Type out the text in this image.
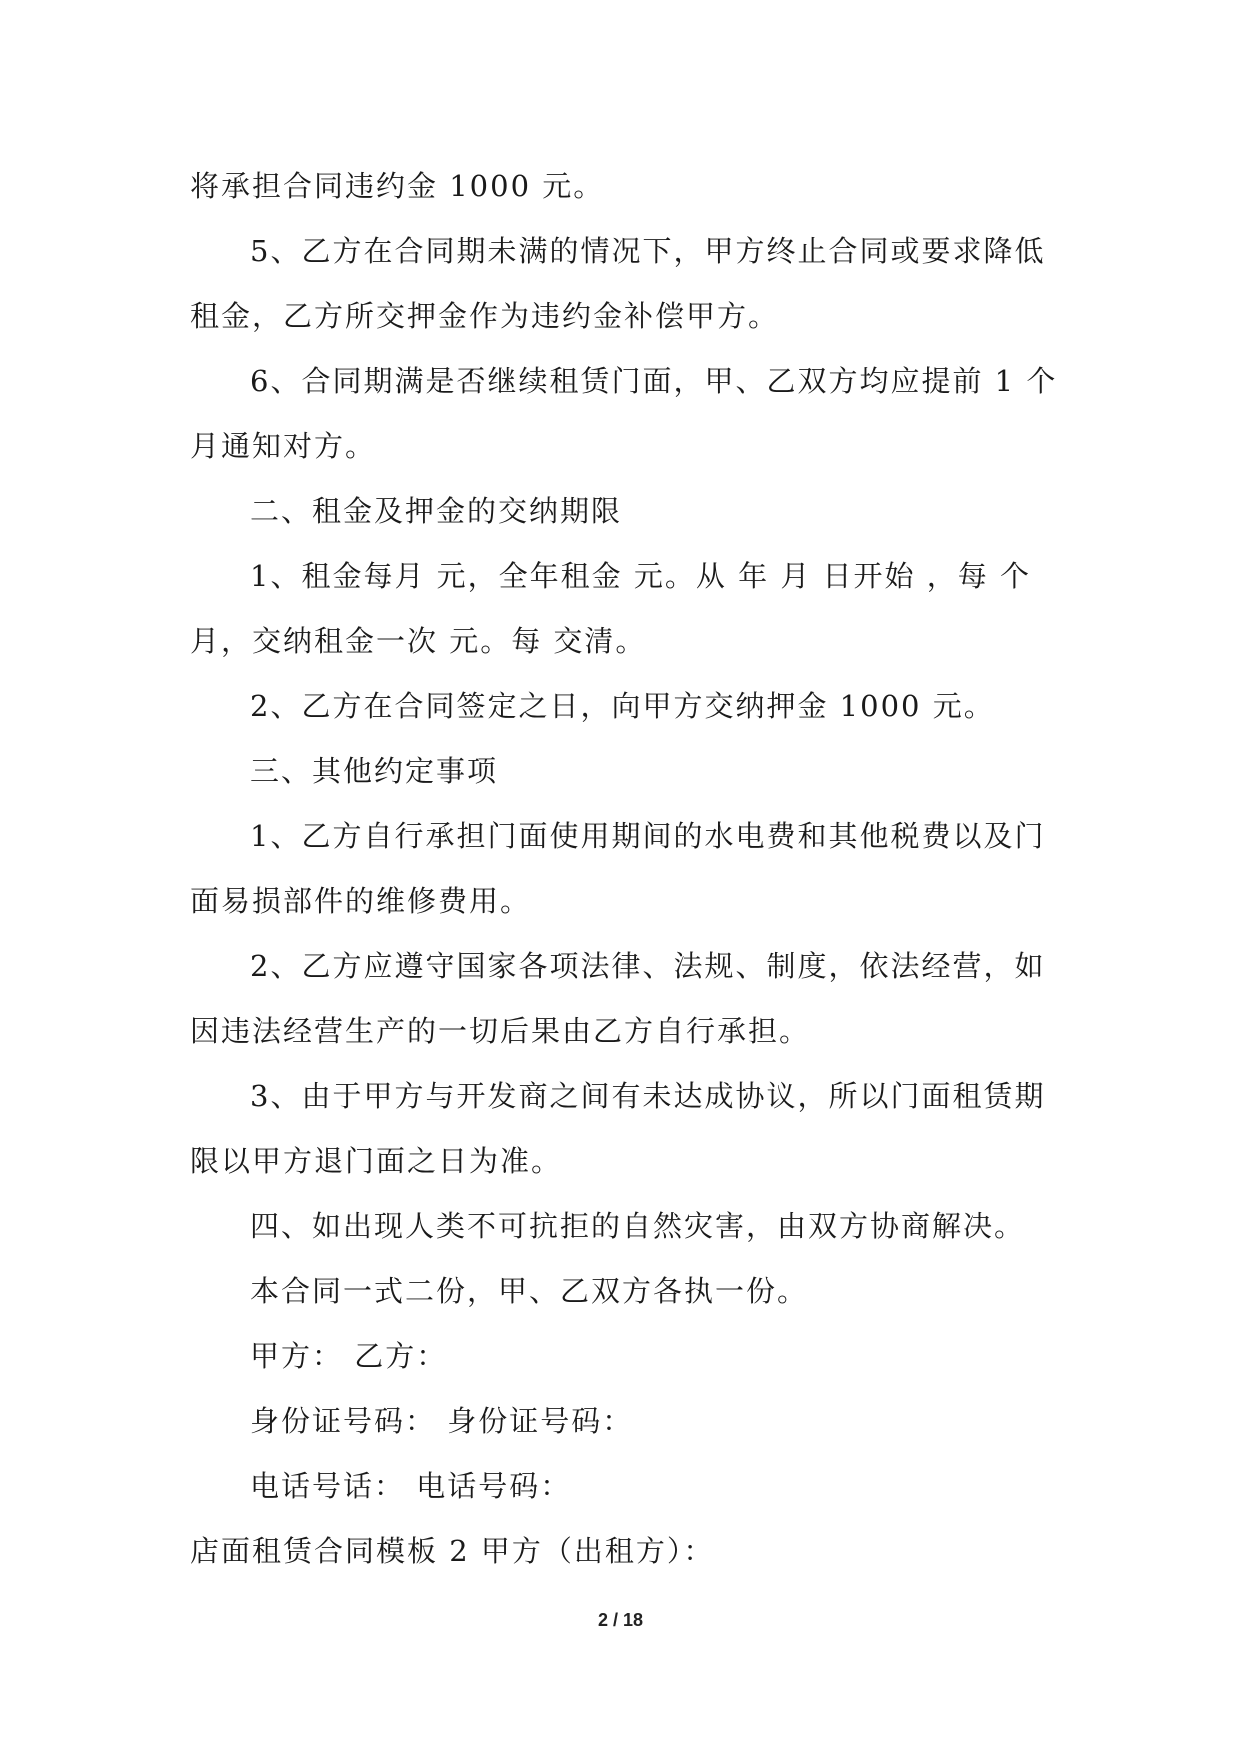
将承担合同违约金 1000 元。
5、乙方在合同期未满的情况下，甲方终止合同或要求降低
租金，乙方所交押金作为违约金补偿甲方。
6、合同期满是否继续租赁门面，甲、乙双方均应提前 1 个
月通知对方。
二、租金及押金的交纳期限
1、租金每月 元，全年租金 元。从 年 月 日开始 ，每 个
月，交纳租金一次 元。每 交清。
2、乙方在合同签定之日，向甲方交纳押金 1000 元。
三、其他约定事项
1、乙方自行承担门面使用期间的水电费和其他税费以及门
面易损部件的维修费用。
2、乙方应遵守国家各项法律、法规、制度，依法经营，如
因违法经营生产的一切后果由乙方自行承担。
3、由于甲方与开发商之间有未达成协议，所以门面租赁期
限以甲方退门面之日为准。
四、如出现人类不可抗拒的自然灾害，由双方协商解决。
本合同一式二份，甲、乙双方各执一份。
甲方： 乙方：
身份证号码： 身份证号码：
电话号话： 电话号码：
店面租赁合同模板 2 甲方（出租方）：
2 / 18
